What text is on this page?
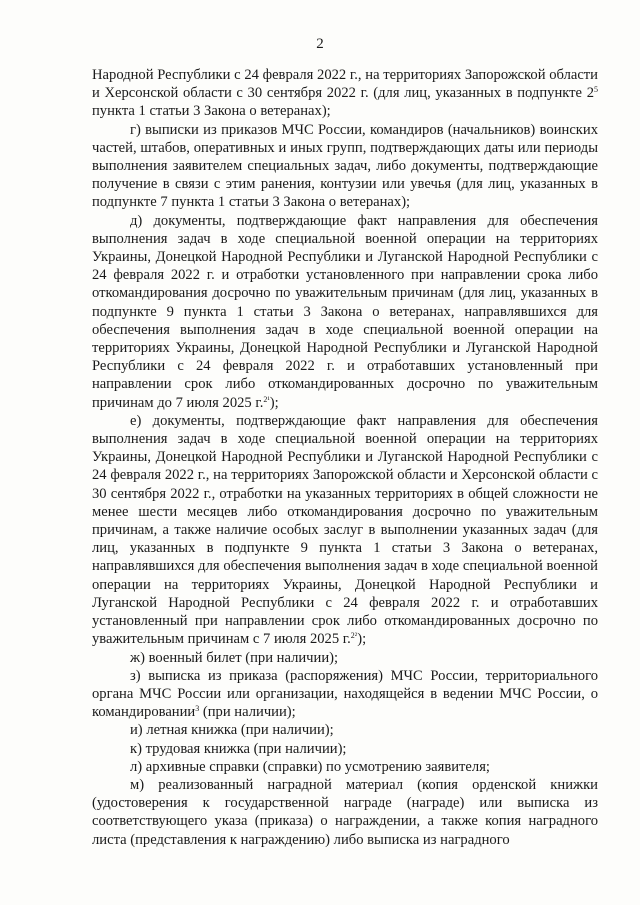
2

Народной Республики с 24 февраля 2022 г., на территориях Запорожской области и Херсонской области с 30 сентября 2022 г. (для лиц, указанных в подпункте $2^5$ пункта 1 статьи 3 Закона о ветеранах);

г) выписки из приказов МЧС России, командиров (начальников) воинских частей, штабов, оперативных и иных групп, подтверждающих даты или периоды выполнения заявителем специальных задач, либо документы, подтверждающие получение в связи с этим ранения, контузии или увечья (для лиц, указанных в подпункте 7 пункта 1 статьи 3 Закона о ветеранах);

д) документы, подтверждающие факт направления для обеспечения выполнения задач в ходе специальной военной операции на территориях Украины, Донецкой Народной Республики и Луганской Народной Республики с 24 февраля 2022 г. и отработки установленного при направлении срока либо откомандирования досрочно по уважительным причинам (для лиц, указанных в подпункте 9 пункта 1 статьи 3 Закона о ветеранах, направлявшихся для обеспечения выполнения задач в ходе специальной военной операции на территориях Украины, Донецкой Народной Республики и Луганской Народной Республики с 24 февраля 2022 г. и отработавших установленный при направлении срок либо откомандированных досрочно по уважительным причинам до 7 июля 2025 г.$^{2^1}$);

е) документы, подтверждающие факт направления для обеспечения выполнения задач в ходе специальной военной операции на территориях Украины, Донецкой Народной Республики и Луганской Народной Республики с 24 февраля 2022 г., на территориях Запорожской области и Херсонской области с 30 сентября 2022 г., отработки на указанных территориях в общей сложности не менее шести месяцев либо откомандирования досрочно по уважительным причинам, а также наличие особых заслуг в выполнении указанных задач (для лиц, указанных в подпункте 9 пункта 1 статьи 3 Закона о ветеранах, направлявшихся для обеспечения выполнения задач в ходе специальной военной операции на территориях Украины, Донецкой Народной Республики и Луганской Народной Республики с 24 февраля 2022 г. и отработавших установленный при направлении срок либо откомандированных досрочно по уважительным причинам с 7 июля 2025 г.$^{2^2}$);

ж) военный билет (при наличии);

з) выписка из приказа (распоряжения) МЧС России, территориального органа МЧС России или организации, находящейся в ведении МЧС России, о командировании$^3$ (при наличии);

и) летная книжка (при наличии);

к) трудовая книжка (при наличии);

л) архивные справки (справки) по усмотрению заявителя;

м) реализованный наградной материал (копия орденской книжки (удостоверения к государственной награде (награде) или выписка из соответствующего указа (приказа) о награждении, а также копия наградного листа (представления к награждению) либо выписка из наградного
